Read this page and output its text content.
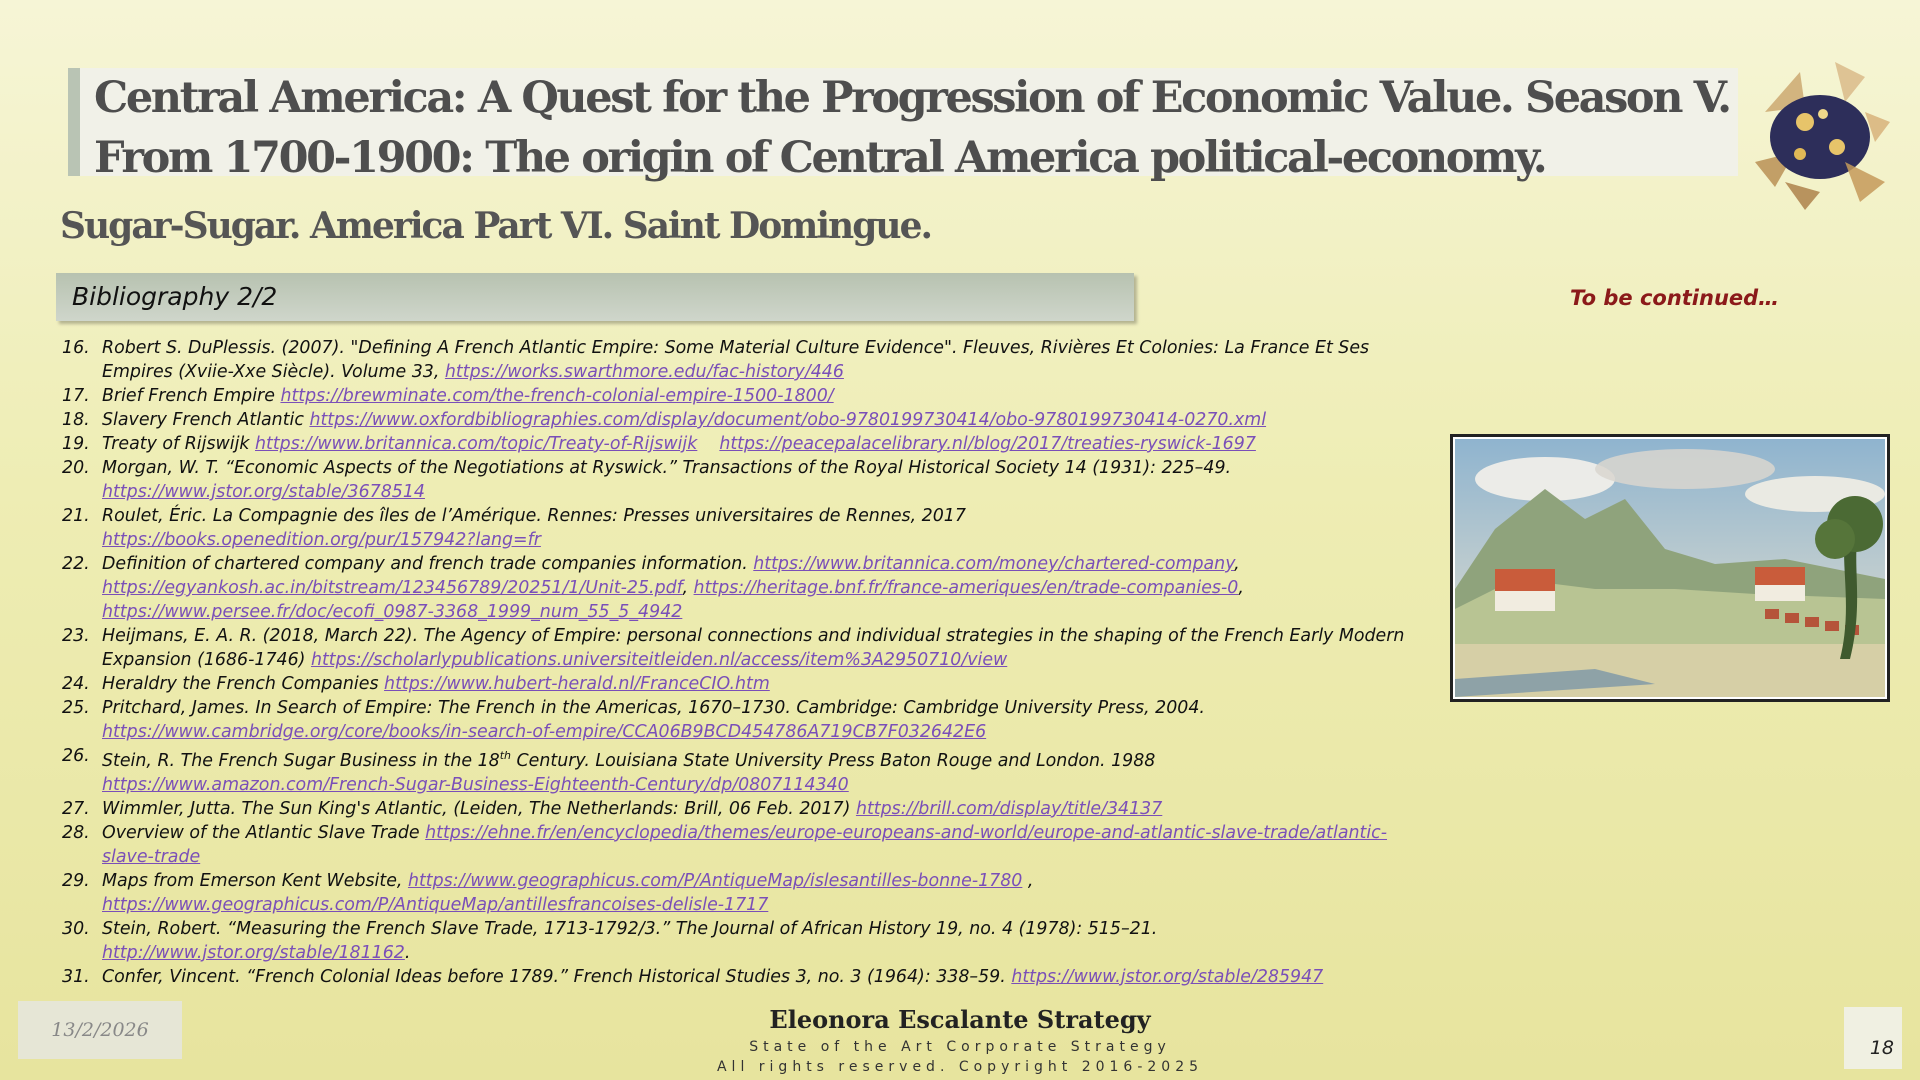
Central America: A Quest for the Progression of Economic Value. Season V.
From 1700-1900: The origin of Central America political-economy.
Sugar-Sugar. America Part VI. Saint Domingue.
Bibliography 2/2	To be continued…
16. Robert S. DuPlessis. (2007). "Defining A French Atlantic Empire: Some Material Culture Evidence". Fleuves, Rivières Et Colonies: La France Et Ses Empires (Xviie-Xxe Siècle). Volume 33, https://works.swarthmore.edu/fac-history/446
17. Brief French Empire https://brewminate.com/the-french-colonial-empire-1500-1800/
18. Slavery French Atlantic https://www.oxfordbibliographies.com/display/document/obo-9780199730414/obo-9780199730414-0270.xml
19. Treaty of Rijswijk https://www.britannica.com/topic/Treaty-of-Rijswijk https://peacepalacelibrary.nl/blog/2017/treaties-ryswick-1697
20. Morgan, W. T. “Economic Aspects of the Negotiations at Ryswick.” Transactions of the Royal Historical Society 14 (1931): 225–49.
https://www.jstor.org/stable/3678514
21. Roulet, Éric. La Compagnie des îles de l’Amérique. Rennes: Presses universitaires de Rennes, 2017
https://books.openedition.org/pur/157942?lang=fr
22. Definition of chartered company and french trade companies information. https://www.britannica.com/money/chartered-company, https://egyankosh.ac.in/bitstream/123456789/20251/1/Unit-25.pdf, https://heritage.bnf.fr/france-ameriques/en/trade-companies-0, https://www.persee.fr/doc/ecofi_0987-3368_1999_num_55_5_4942
23. Heijmans, E. A. R. (2018, March 22). The Agency of Empire: personal connections and individual strategies in the shaping of the French Early Modern Expansion (1686-1746) https://scholarlypublications.universiteitleiden.nl/access/item%3A2950710/view
24. Heraldry the French Companies https://www.hubert-herald.nl/FranceCIO.htm
25. Pritchard, James. In Search of Empire: The French in the Americas, 1670–1730. Cambridge: Cambridge University Press, 2004.
https://www.cambridge.org/core/books/in-search-of-empire/CCA06B9BCD454786A719CB7F032642E6
26. Stein, R. The French Sugar Business in the 18th Century. Louisiana State University Press Baton Rouge and London. 1988
https://www.amazon.com/French-Sugar-Business-Eighteenth-Century/dp/0807114340
27. Wimmler, Jutta. The Sun King's Atlantic, (Leiden, The Netherlands: Brill, 06 Feb. 2017) https://brill.com/display/title/34137
28. Overview of the Atlantic Slave Trade https://ehne.fr/en/encyclopedia/themes/europe-europeans-and-world/europe-and-atlantic-slave-trade/atlantic-slave-trade
29. Maps from Emerson Kent Website, https://www.geographicus.com/P/AntiqueMap/islesantilles-bonne-1780 ,
https://www.geographicus.com/P/AntiqueMap/antillesfrancoises-delisle-1717
30. Stein, Robert. “Measuring the French Slave Trade, 1713-1792/3.” The Journal of African History 19, no. 4 (1978): 515–21.
http://www.jstor.org/stable/181162.
31. Confer, Vincent. “French Colonial Ideas before 1789.” French Historical Studies 3, no. 3 (1964): 338–59. https://www.jstor.org/stable/285947
13/2/2026	Eleonora Escalante Strategy
State of the Art Corporate Strategy
All rights reserved. Copyright 2016-2025
18
